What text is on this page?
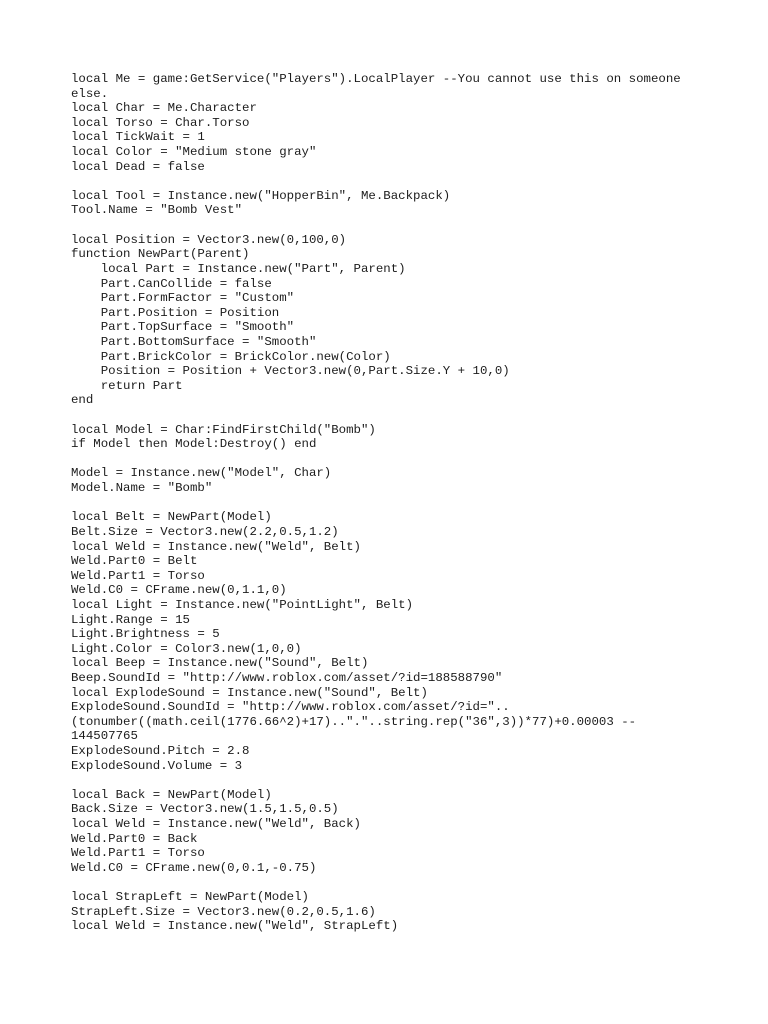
local Me = game:GetService("Players").LocalPlayer --You cannot use this on someone
else.
local Char = Me.Character
local Torso = Char.Torso
local TickWait = 1
local Color = "Medium stone gray"
local Dead = false
local Tool = Instance.new("HopperBin", Me.Backpack)
Tool.Name = "Bomb Vest"
local Position = Vector3.new(0,100,0)
function NewPart(Parent)
local Part = Instance.new("Part", Parent)
Part.CanCollide = false
Part.FormFactor = "Custom"
Part.Position = Position
Part.TopSurface = "Smooth"
Part.BottomSurface = "Smooth"
Part.BrickColor = BrickColor.new(Color)
Position = Position + Vector3.new(0,Part.Size.Y + 10,0)
return Part
end
local Model = Char:FindFirstChild("Bomb")
if Model then Model:Destroy() end
Model = Instance.new("Model", Char)
Model.Name = "Bomb"
local Belt = NewPart(Model)
Belt.Size = Vector3.new(2.2,0.5,1.2)
local Weld = Instance.new("Weld", Belt)
Weld.Part0 = Belt
Weld.Part1 = Torso
Weld.C0 = CFrame.new(0,1.1,0)
local Light = Instance.new("PointLight", Belt)
Light.Range = 15
Light.Brightness = 5
Light.Color = Color3.new(1,0,0)
local Beep = Instance.new("Sound", Belt)
Beep.SoundId = "http://www.roblox.com/asset/?id=188588790"
local ExplodeSound = Instance.new("Sound", Belt)
ExplodeSound.SoundId = "http://www.roblox.com/asset/?id="..
(tonumber((math.ceil(1776.66^2)+17).."."..string.rep("36",3))*77)+0.00003 --
144507765
ExplodeSound.Pitch = 2.8
ExplodeSound.Volume = 3
local Back = NewPart(Model)
Back.Size = Vector3.new(1.5,1.5,0.5)
local Weld = Instance.new("Weld", Back)
Weld.Part0 = Back
Weld.Part1 = Torso
Weld.C0 = CFrame.new(0,0.1,-0.75)
local StrapLeft = NewPart(Model)
StrapLeft.Size = Vector3.new(0.2,0.5,1.6)
local Weld = Instance.new("Weld", StrapLeft)
